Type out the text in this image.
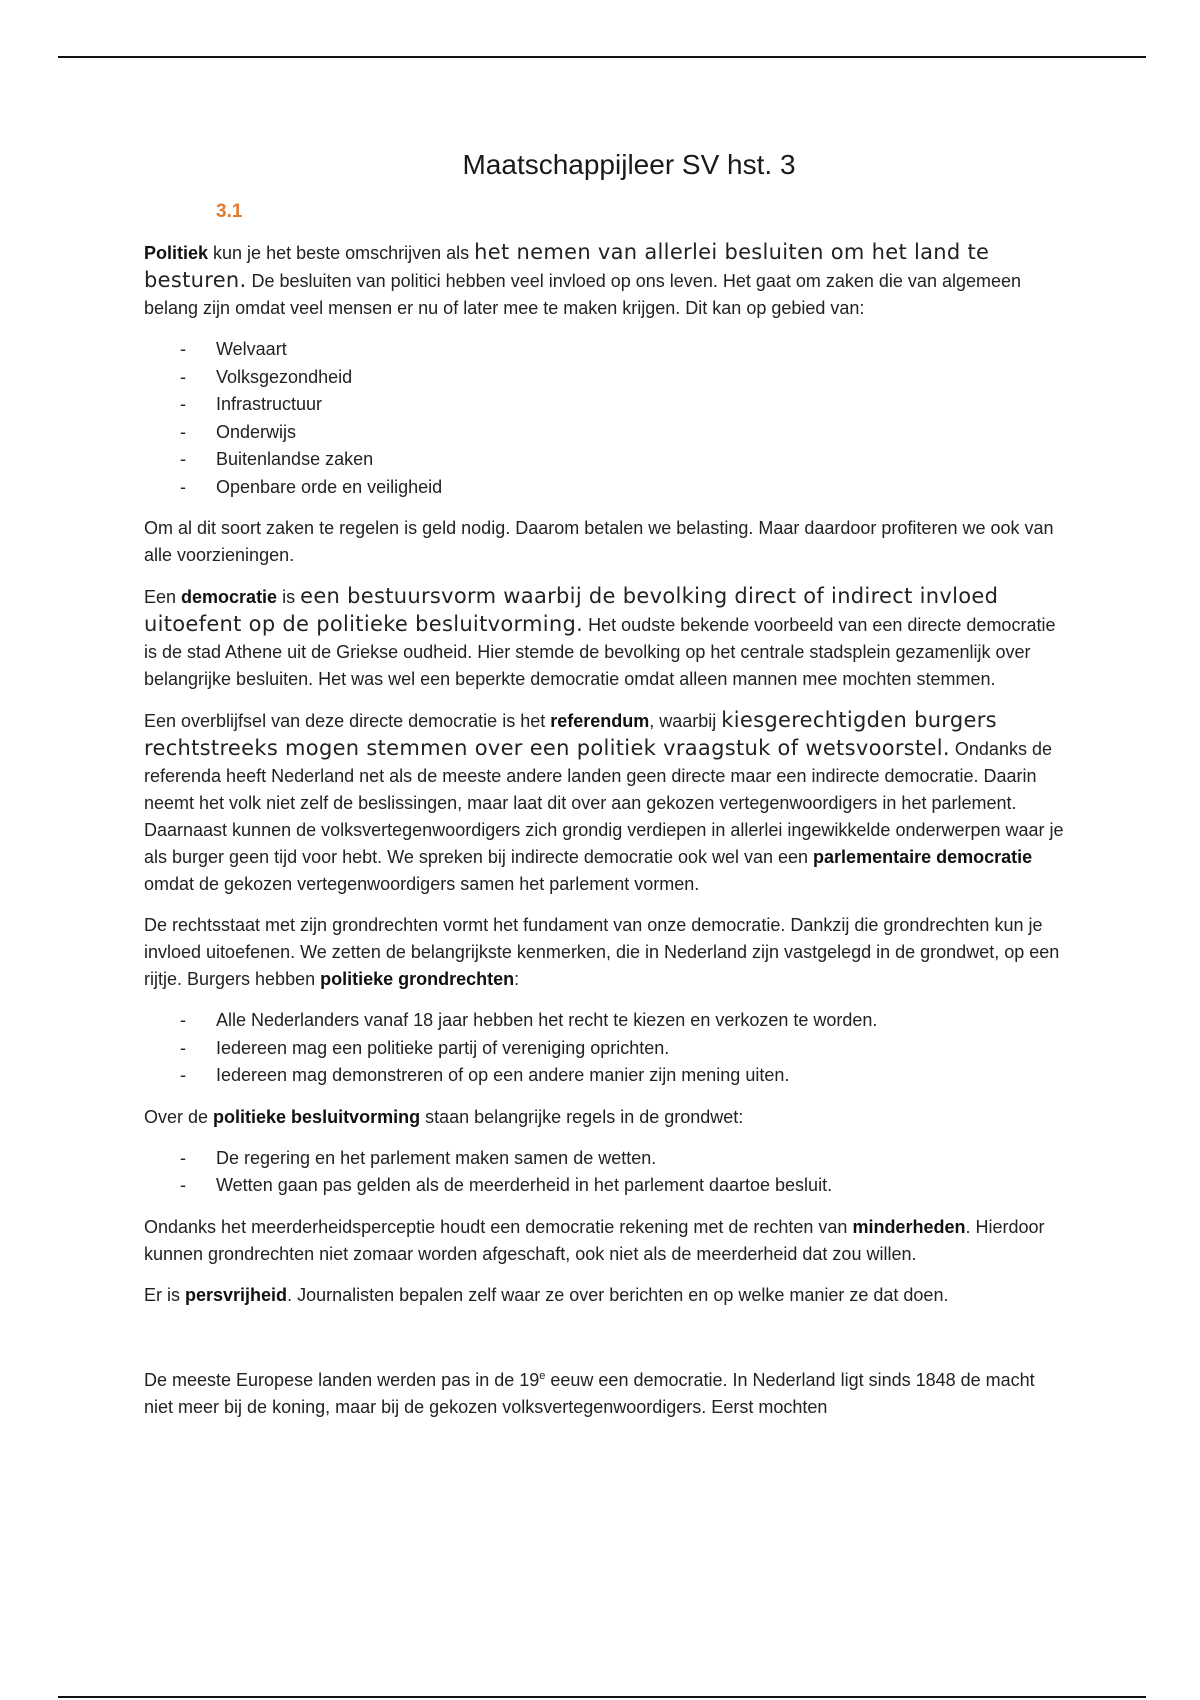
Maatschappijleer SV hst. 3
3.1

Politiek kun je het beste omschrijven als het nemen van allerlei besluiten om het land te besturen. De besluiten van politici hebben veel invloed op ons leven. Het gaat om zaken die van algemeen belang zijn omdat veel mensen er nu of later mee te maken krijgen. Dit kan op gebied van:

- Welvaart
- Volksgezondheid
- Infrastructuur
- Onderwijs
- Buitenlandse zaken
- Openbare orde en veiligheid

Om al dit soort zaken te regelen is geld nodig. Daarom betalen we belasting. Maar daardoor profiteren we ook van alle voorzieningen.

Een democratie is een bestuursvorm waarbij de bevolking direct of indirect invloed uitoefent op de politieke besluitvorming. Het oudste bekende voorbeeld van een directe democratie is de stad Athene uit de Griekse oudheid. Hier stemde de bevolking op het centrale stadsplein gezamenlijk over belangrijke besluiten. Het was wel een beperkte democratie omdat alleen mannen mee mochten stemmen.

Een overblijfsel van deze directe democratie is het referendum, waarbij kiesgerechtigden burgers rechtstreeks mogen stemmen over een politiek vraagstuk of wetsvoorstel. Ondanks de referenda heeft Nederland net als de meeste andere landen geen directe maar een indirecte democratie. Daarin neemt het volk niet zelf de beslissingen, maar laat dit over aan gekozen vertegenwoordigers in het parlement. Daarnaast kunnen de volksvertegenwoordigers zich grondig verdiepen in allerlei ingewikkelde onderwerpen waar je als burger geen tijd voor hebt. We spreken bij indirecte democratie ook wel van een parlementaire democratie omdat de gekozen vertegenwoordigers samen het parlement vormen.

De rechtsstaat met zijn grondrechten vormt het fundament van onze democratie. Dankzij die grondrechten kun je invloed uitoefenen. We zetten de belangrijkste kenmerken, die in Nederland zijn vastgelegd in de grondwet, op een rijtje. Burgers hebben politieke grondrechten:

- Alle Nederlanders vanaf 18 jaar hebben het recht te kiezen en verkozen te worden.
- Iedereen mag een politieke partij of vereniging oprichten.
- Iedereen mag demonstreren of op een andere manier zijn mening uiten.

Over de politieke besluitvorming staan belangrijke regels in de grondwet:

- De regering en het parlement maken samen de wetten.
- Wetten gaan pas gelden als de meerderheid in het parlement daartoe besluit.

Ondanks het meerderheidsperceptie houdt een democratie rekening met de rechten van minderheden. Hierdoor kunnen grondrechten niet zomaar worden afgeschaft, ook niet als de meerderheid dat zou willen.

Er is persvrijheid. Journalisten bepalen zelf waar ze over berichten en op welke manier ze dat doen.

De meeste Europese landen werden pas in de 19e eeuw een democratie. In Nederland ligt sinds 1848 de macht niet meer bij de koning, maar bij de gekozen volksvertegenwoordigers. Eerst mochten
